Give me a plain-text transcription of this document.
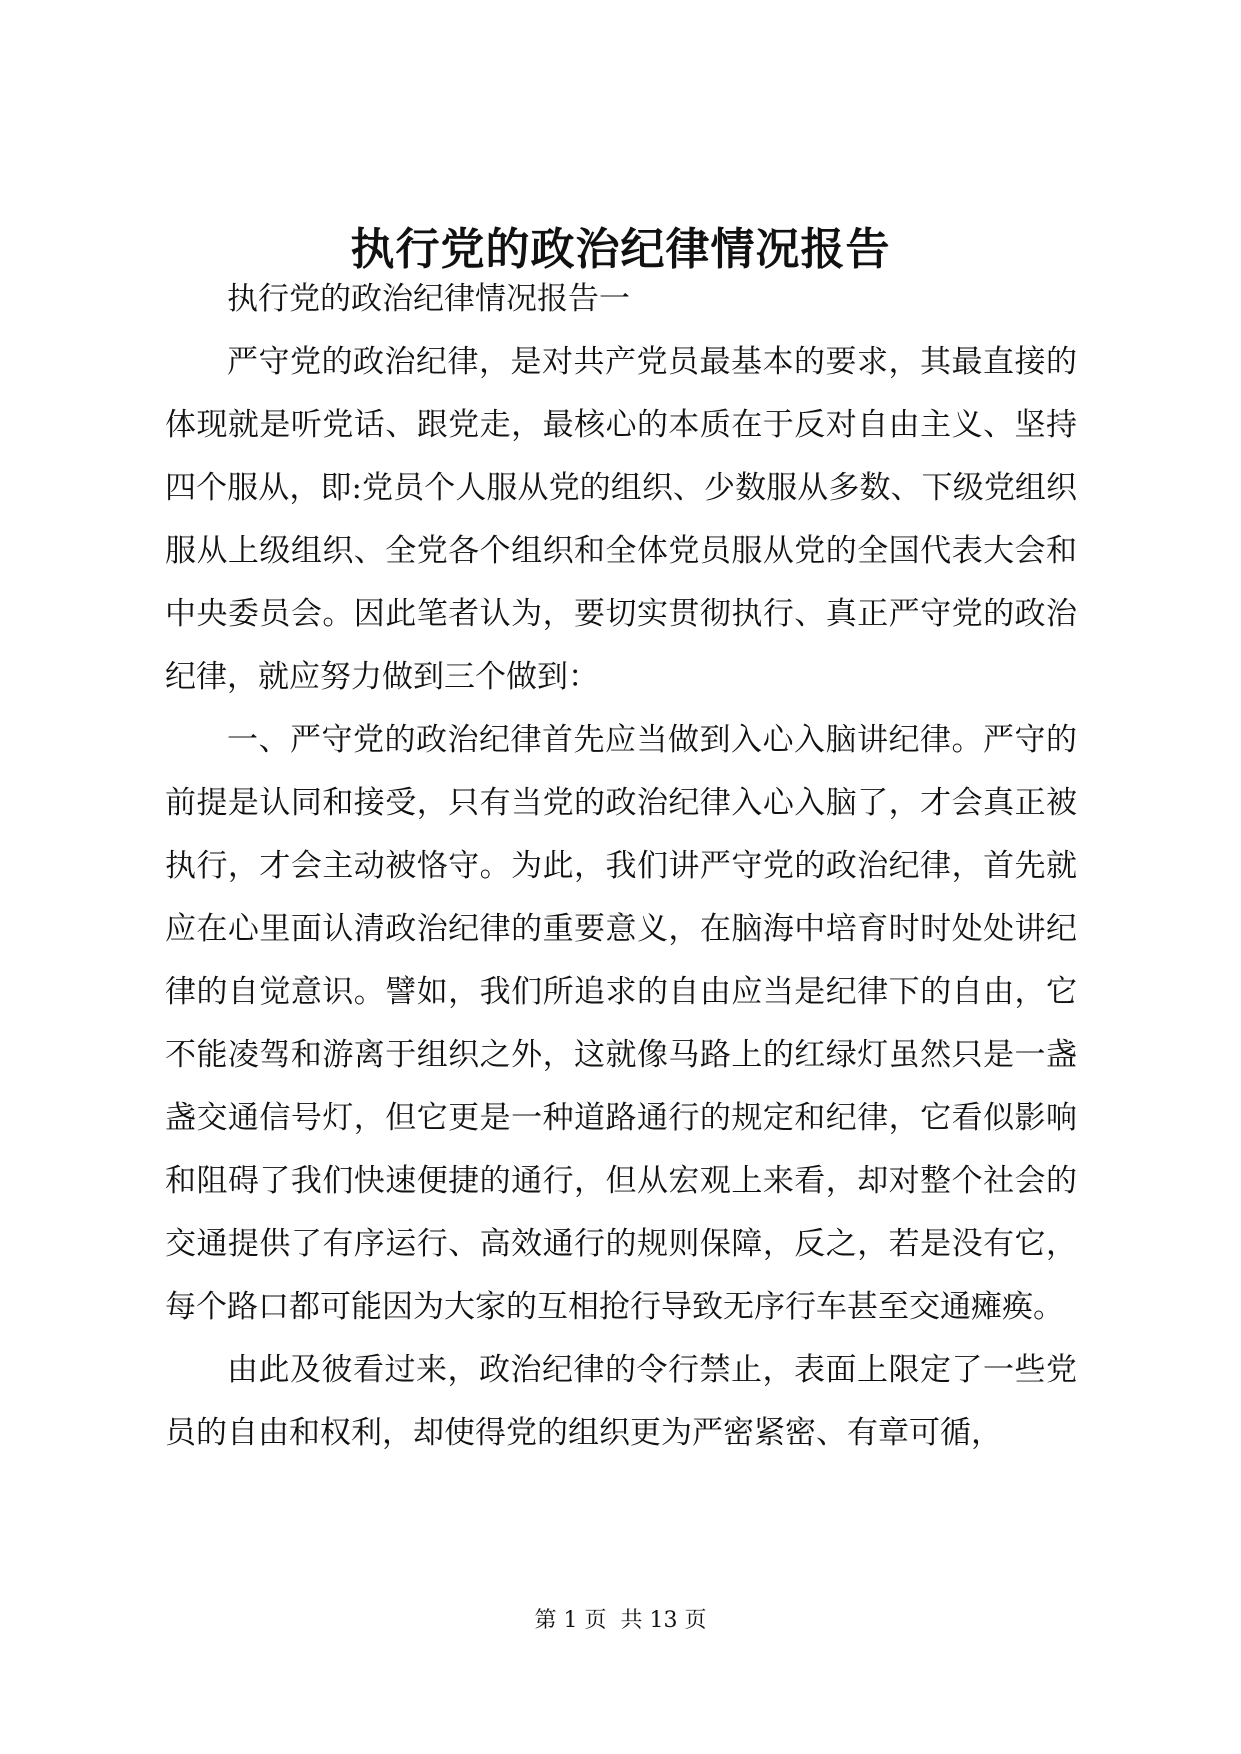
执行党的政治纪律情况报告

执行党的政治纪律情况报告一

严守党的政治纪律，是对共产党员最基本的要求，其最直接的体现就是听党话、跟党走，最核心的本质在于反对自由主义、坚持四个服从，即:党员个人服从党的组织、少数服从多数、下级党组织服从上级组织、全党各个组织和全体党员服从党的全国代表大会和中央委员会。因此笔者认为，要切实贯彻执行、真正严守党的政治纪律，就应努力做到三个做到：

一、严守党的政治纪律首先应当做到入心入脑讲纪律。严守的前提是认同和接受，只有当党的政治纪律入心入脑了，才会真正被执行，才会主动被恪守。为此，我们讲严守党的政治纪律，首先就应在心里面认清政治纪律的重要意义，在脑海中培育时时处处讲纪律的自觉意识。譬如，我们所追求的自由应当是纪律下的自由，它不能凌驾和游离于组织之外，这就像马路上的红绿灯虽然只是一盏盏交通信号灯，但它更是一种道路通行的规定和纪律，它看似影响和阻碍了我们快速便捷的通行，但从宏观上来看，却对整个社会的交通提供了有序运行、高效通行的规则保障，反之，若是没有它，每个路口都可能因为大家的互相抢行导致无序行车甚至交通瘫痪。

由此及彼看过来，政治纪律的令行禁止，表面上限定了一些党员的自由和权利，却使得党的组织更为严密紧密、有章可循，

第 1 页 共 13 页
